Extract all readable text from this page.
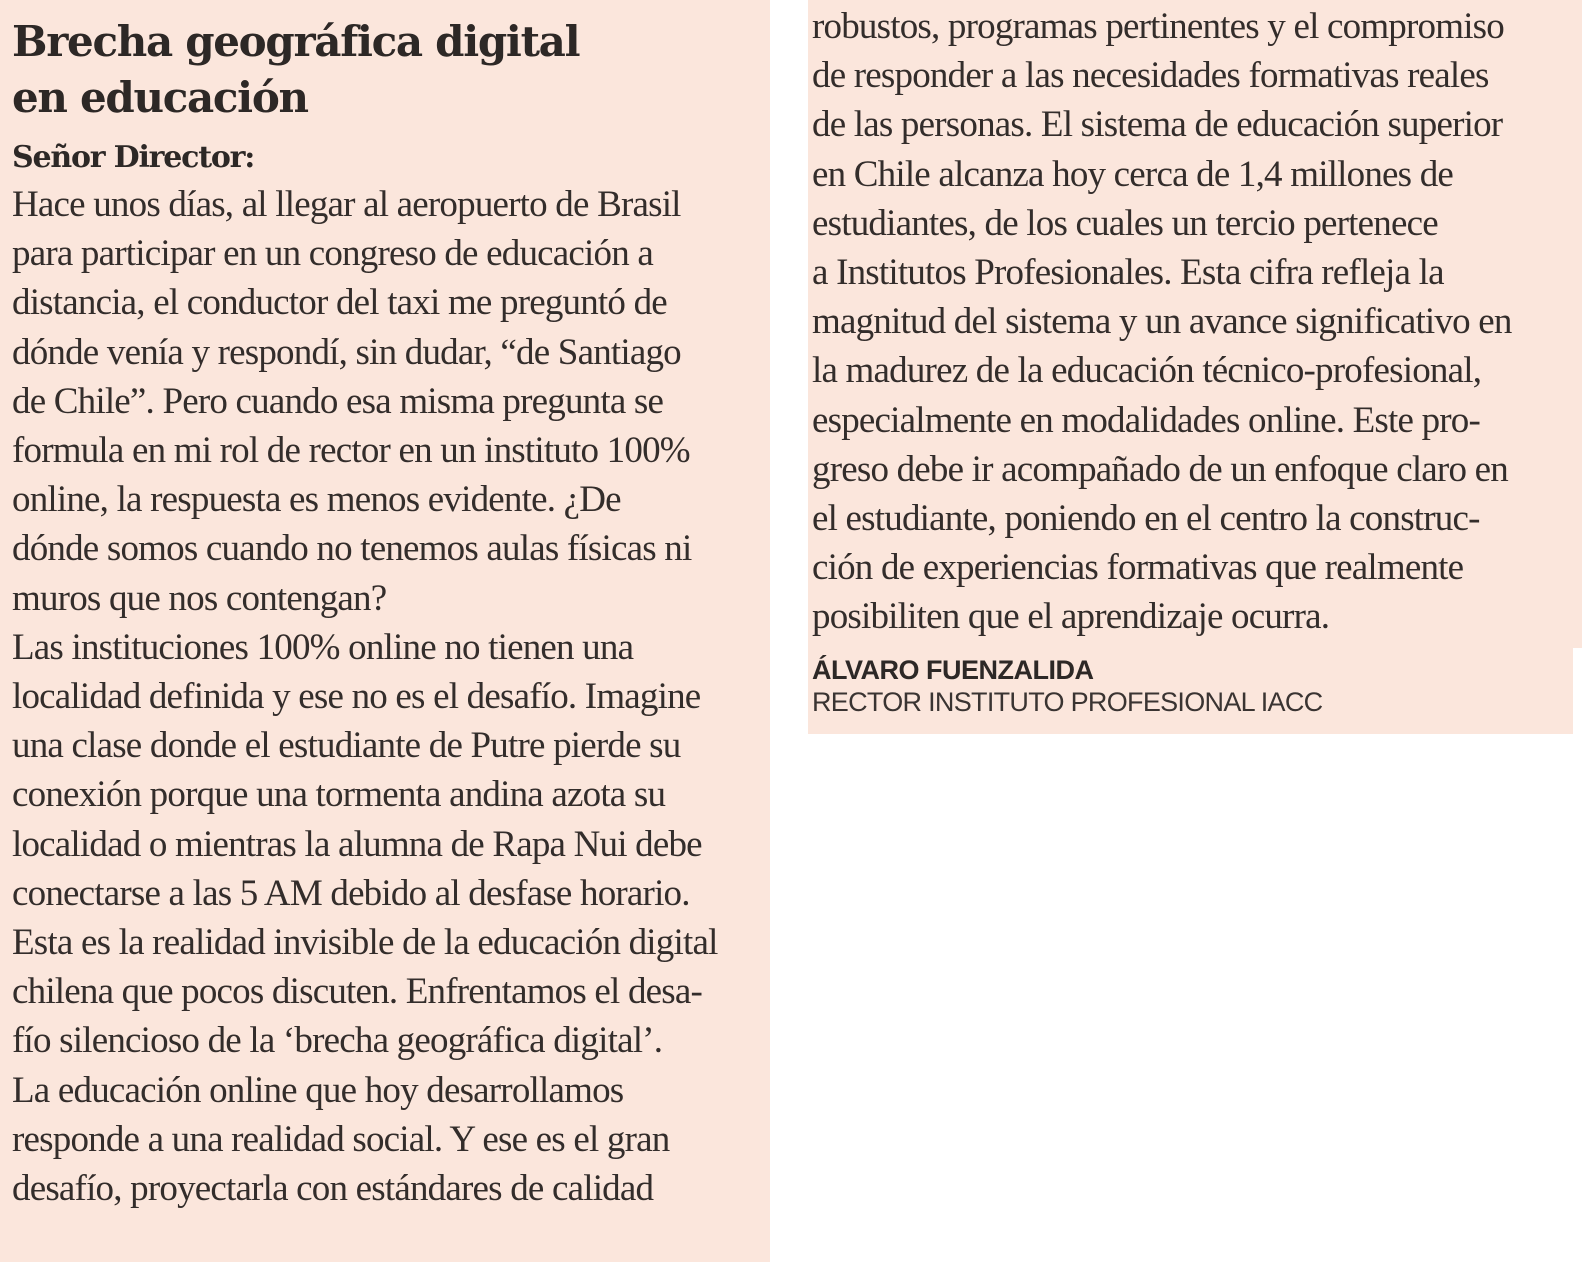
Brecha geográfica digital
en educación
Señor Director:
Hace unos días, al llegar al aeropuerto de Brasil
para participar en un congreso de educación a
distancia, el conductor del taxi me preguntó de
dónde venía y respondí, sin dudar, “de Santiago
de Chile”. Pero cuando esa misma pregunta se
formula en mi rol de rector en un instituto 100%
online, la respuesta es menos evidente. ¿De
dónde somos cuando no tenemos aulas físicas ni
muros que nos contengan?
Las instituciones 100% online no tienen una
localidad definida y ese no es el desafío. Imagine
una clase donde el estudiante de Putre pierde su
conexión porque una tormenta andina azota su
localidad o mientras la alumna de Rapa Nui debe
conectarse a las 5 AM debido al desfase horario.
Esta es la realidad invisible de la educación digital
chilena que pocos discuten. Enfrentamos el desa-
fío silencioso de la ‘brecha geográfica digital’.
La educación online que hoy desarrollamos
responde a una realidad social. Y ese es el gran
desafío, proyectarla con estándares de calidad
robustos, programas pertinentes y el compromiso
de responder a las necesidades formativas reales
de las personas. El sistema de educación superior
en Chile alcanza hoy cerca de 1,4 millones de
estudiantes, de los cuales un tercio pertenece
a Institutos Profesionales. Esta cifra refleja la
magnitud del sistema y un avance significativo en
la madurez de la educación técnico-profesional,
especialmente en modalidades online. Este pro-
greso debe ir acompañado de un enfoque claro en
el estudiante, poniendo en el centro la construc-
ción de experiencias formativas que realmente
posibiliten que el aprendizaje ocurra.
ÁLVARO FUENZALIDA
RECTOR INSTITUTO PROFESIONAL IACC
